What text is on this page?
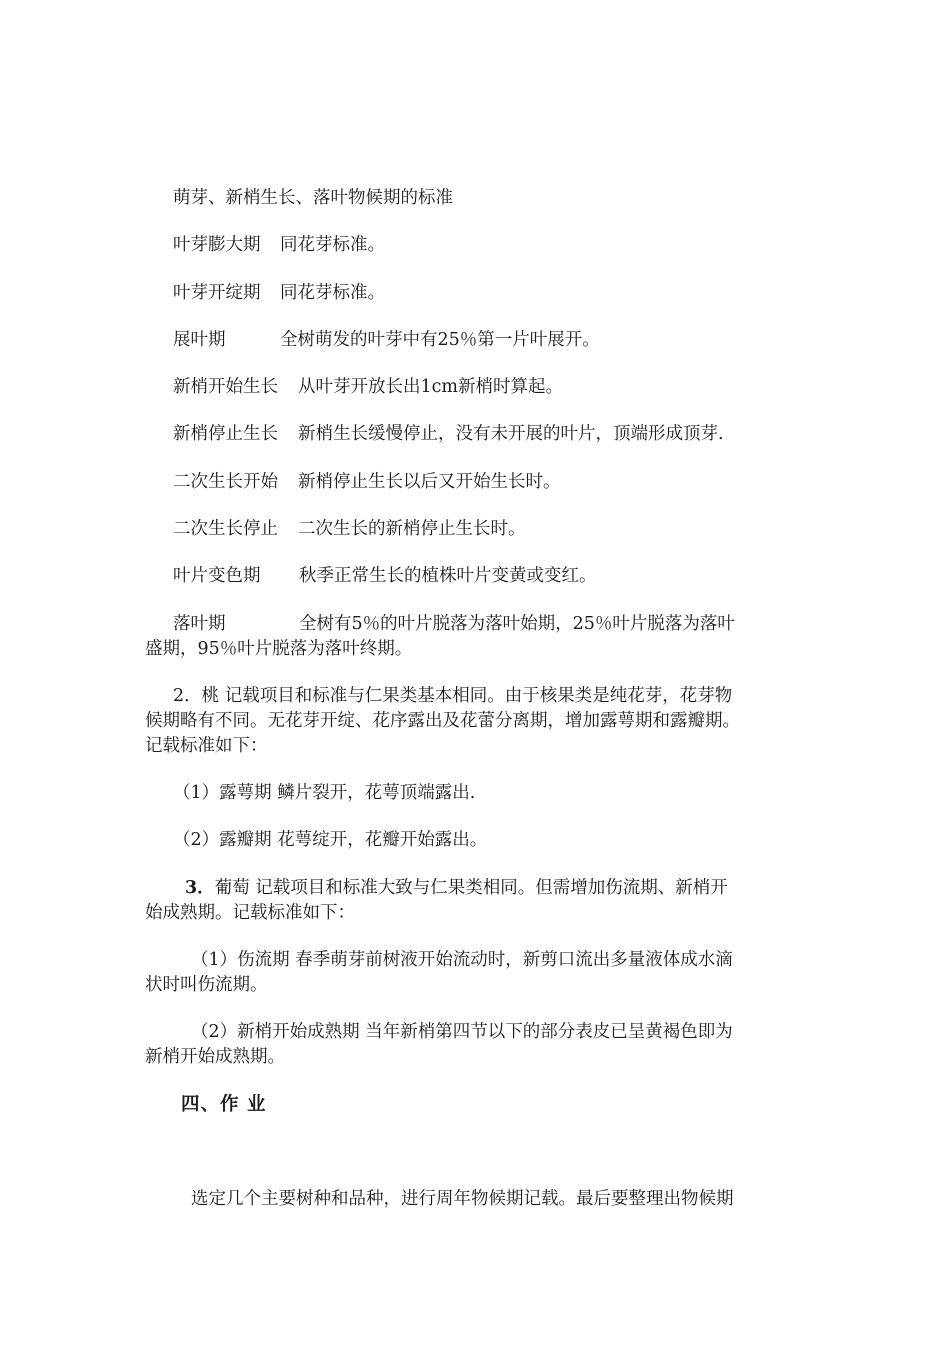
萌芽、新梢生长、落叶物候期的标准
叶芽膨大期 同花芽标准。
叶芽开绽期 同花芽标准。
展叶期	全树萌发的叶芽中有25％第一片叶展开。
新梢开始生长 从叶芽开放长出1cm新梢时算起。
新梢停止生长 新梢生长缓慢停止，没有未开展的叶片，顶端形成顶芽.
二次生长开始 新梢停止生长以后又开始生长时。
二次生长停止 二次生长的新梢停止生长时。
叶片变色期 秋季正常生长的植株叶片变黄或变红。
落叶期	全树有5％的叶片脱落为落叶始期，25％叶片脱落为落叶
盛期，95％叶片脱落为落叶终期。
2．桃 记载项目和标准与仁果类基本相同。由于核果类是纯花芽，花芽物
候期略有不同。无花芽开绽、花序露出及花蕾分离期，增加露萼期和露瓣期。
记载标准如下：
（1）露萼期 鳞片裂开，花萼顶端露出.
（2）露瓣期 花萼绽开，花瓣开始露出。
3．葡萄 记载项目和标准大致与仁果类相同。但需增加伤流期、新梢开
始成熟期。记载标准如下：
（1）伤流期 春季萌芽前树液开始流动时，新剪口流出多量液体成水滴
状时叫伤流期。
（2）新梢开始成熟期 当年新梢第四节以下的部分表皮已呈黄褐色即为
新梢开始成熟期。
四、作 业
选定几个主要树种和品种，进行周年物候期记载。最后要整理出物候期
